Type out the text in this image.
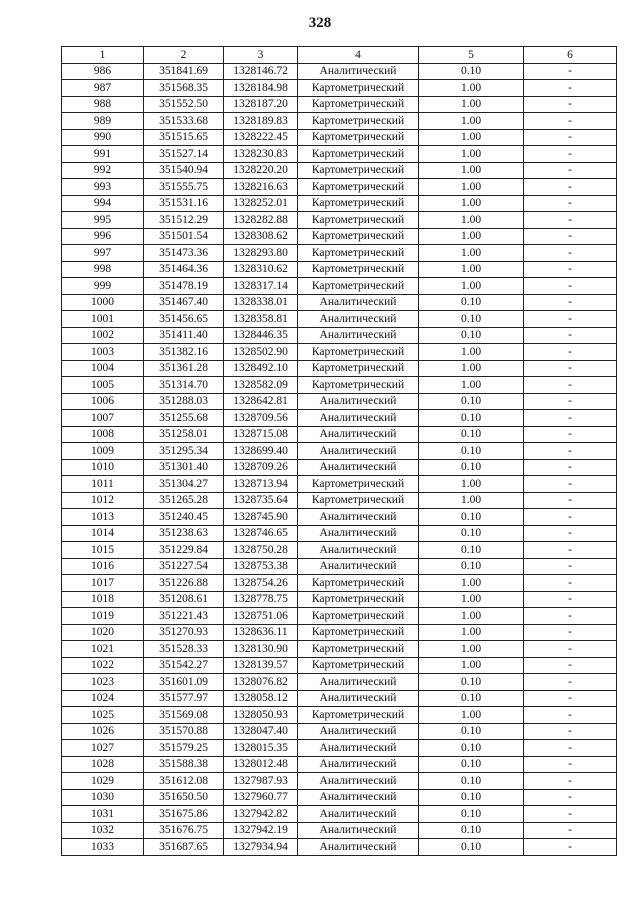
328
1	2	3	4	5	6
986	351841.69	1328146.72	Аналитический	0.10	-
987	351568.35	1328184.98	Картометрический	1.00	-
988	351552.50	1328187.20	Картометрический	1.00	-
989	351533.68	1328189.83	Картометрический	1.00	-
990	351515.65	1328222.45	Картометрический	1.00	-
991	351527.14	1328230.83	Картометрический	1.00	-
992	351540.94	1328220.20	Картометрический	1.00	-
993	351555.75	1328216.63	Картометрический	1.00	-
994	351531.16	1328252.01	Картометрический	1.00	-
995	351512.29	1328282.88	Картометрический	1.00	-
996	351501.54	1328308.62	Картометрический	1.00	-
997	351473.36	1328293.80	Картометрический	1.00	-
998	351464.36	1328310.62	Картометрический	1.00	-
999	351478.19	1328317.14	Картометрический	1.00	-
1000	351467.40	1328338.01	Аналитический	0.10	-
1001	351456.65	1328358.81	Аналитический	0.10	-
1002	351411.40	1328446.35	Аналитический	0.10	-
1003	351382.16	1328502.90	Картометрический	1.00	-
1004	351361.28	1328492.10	Картометрический	1.00	-
1005	351314.70	1328582.09	Картометрический	1.00	-
1006	351288.03	1328642.81	Аналитический	0.10	-
1007	351255.68	1328709.56	Аналитический	0.10	-
1008	351258.01	1328715.08	Аналитический	0.10	-
1009	351295.34	1328699.40	Аналитический	0.10	-
1010	351301.40	1328709.26	Аналитический	0.10	-
1011	351304.27	1328713.94	Картометрический	1.00	-
1012	351265.28	1328735.64	Картометрический	1.00	-
1013	351240.45	1328745.90	Аналитический	0.10	-
1014	351238.63	1328746.65	Аналитический	0.10	-
1015	351229.84	1328750.28	Аналитический	0.10	-
1016	351227.54	1328753.38	Аналитический	0.10	-
1017	351226.88	1328754.26	Картометрический	1.00	-
1018	351208.61	1328778.75	Картометрический	1.00	-
1019	351221.43	1328751.06	Картометрический	1.00	-
1020	351270.93	1328636.11	Картометрический	1.00	-
1021	351528.33	1328130.90	Картометрический	1.00	-
1022	351542.27	1328139.57	Картометрический	1.00	-
1023	351601.09	1328076.82	Аналитический	0.10	-
1024	351577.97	1328058.12	Аналитический	0.10	-
1025	351569.08	1328050.93	Картометрический	1.00	-
1026	351570.88	1328047.40	Аналитический	0.10	-
1027	351579.25	1328015.35	Аналитический	0.10	-
1028	351588.38	1328012.48	Аналитический	0.10	-
1029	351612.08	1327987.93	Аналитический	0.10	-
1030	351650.50	1327960.77	Аналитический	0.10	-
1031	351675.86	1327942.82	Аналитический	0.10	-
1032	351676.75	1327942.19	Аналитический	0.10	-
1033	351687.65	1327934.94	Аналитический	0.10	-
